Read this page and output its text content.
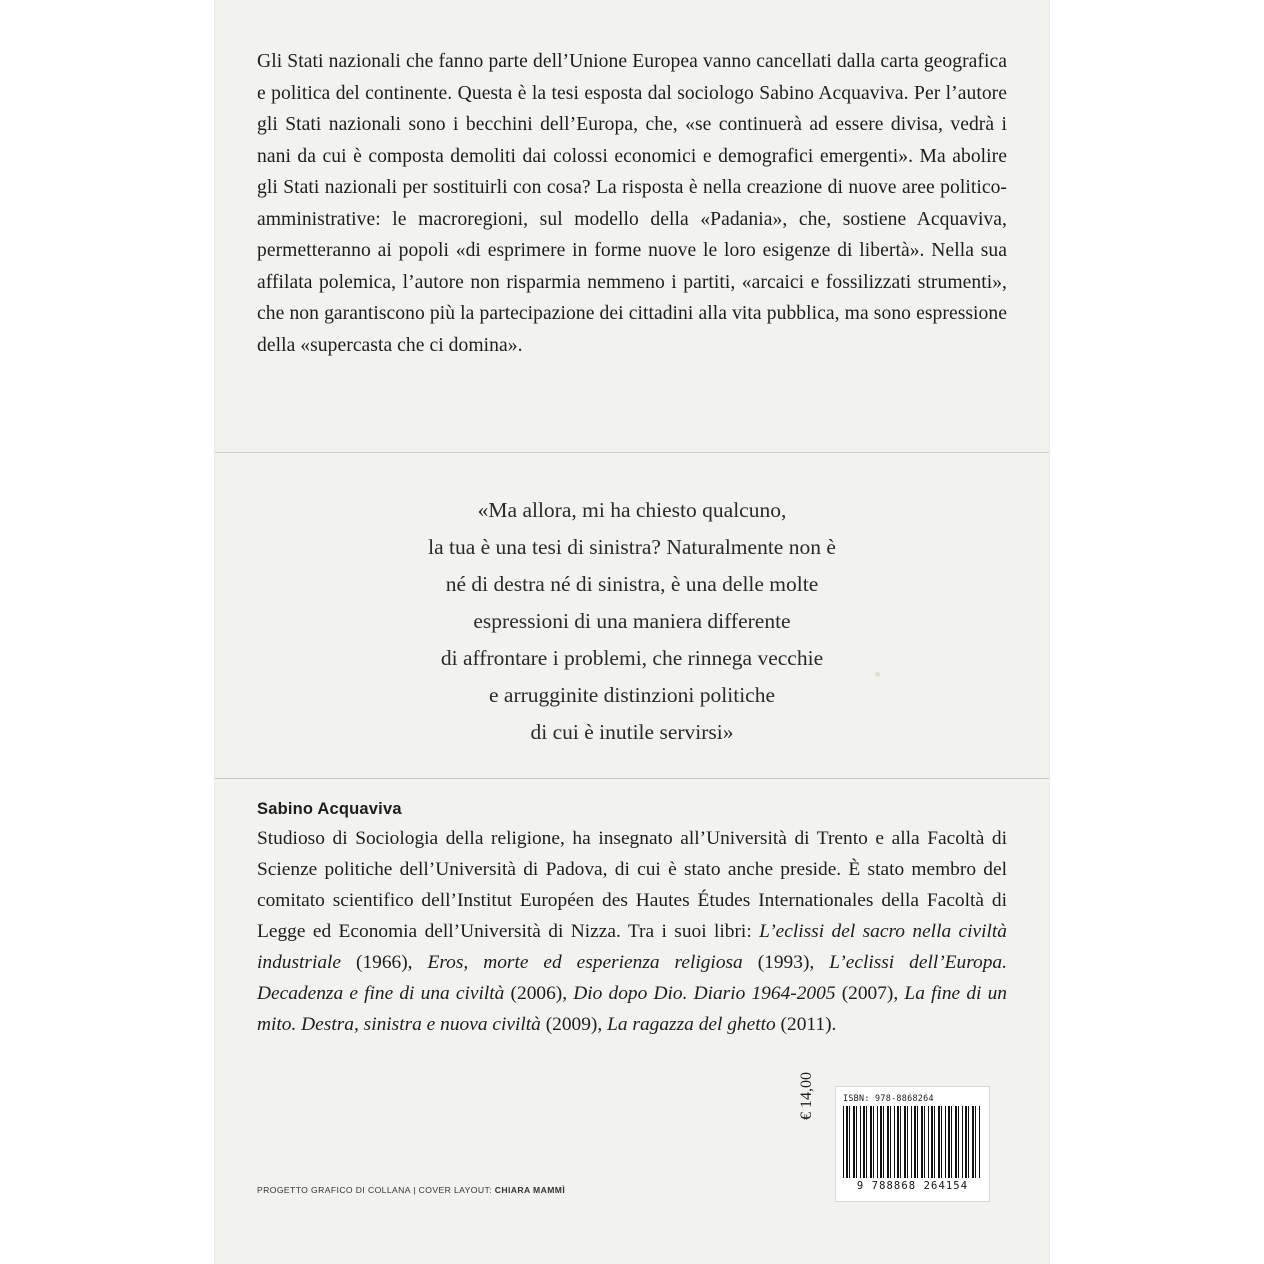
Gli Stati nazionali che fanno parte dell’Unione Europea vanno cancellati dalla carta geografica e politica del continente. Questa è la tesi esposta dal sociologo Sabino Acquaviva. Per l’autore gli Stati nazionali sono i becchini dell’Europa, che, «se continuerà ad essere divisa, vedrà i nani da cui è composta demoliti dai colossi economici e demografici emergenti». Ma abolire gli Stati nazionali per sostituirli con cosa? La risposta è nella creazione di nuove aree politico-amministrative: le macroregioni, sul modello della «Padania», che, sostiene Acquaviva, permetteranno ai popoli «di esprimere in forme nuove le loro esigenze di libertà». Nella sua affilata polemica, l’autore non risparmia nemmeno i partiti, «arcaici e fossilizzati strumenti», che non garantiscono più la partecipazione dei cittadini alla vita pubblica, ma sono espressione della «supercasta che ci domina».
«Ma allora, mi ha chiesto qualcuno,
la tua è una tesi di sinistra? Naturalmente non è
né di destra né di sinistra, è una delle molte
espressioni di una maniera differente
di affrontare i problemi, che rinnega vecchie
e arrugginite distinzioni politiche
di cui è inutile servirsi»
Sabino Acquaviva
Studioso di Sociologia della religione, ha insegnato all’Università di Trento e alla Facoltà di Scienze politiche dell’Università di Padova, di cui è stato anche preside. È stato membro del comitato scientifico dell’Institut Européen des Hautes Études Internationales della Facoltà di Legge ed Economia dell’Università di Nizza. Tra i suoi libri: L’eclissi del sacro nella civiltà industriale (1966), Eros, morte ed esperienza religiosa (1993), L’eclissi dell’Europa. Decadenza e fine di una civiltà (2006), Dio dopo Dio. Diario 1964-2005 (2007), La fine di un mito. Destra, sinistra e nuova civiltà (2009), La ragazza del ghetto (2011).
PROGETTO GRAFICO DI COLLANA | COVER LAYOUT: CHIARA MAMMÌ
€ 14,00	ISBN: 978-8868264
9 788868 264154
